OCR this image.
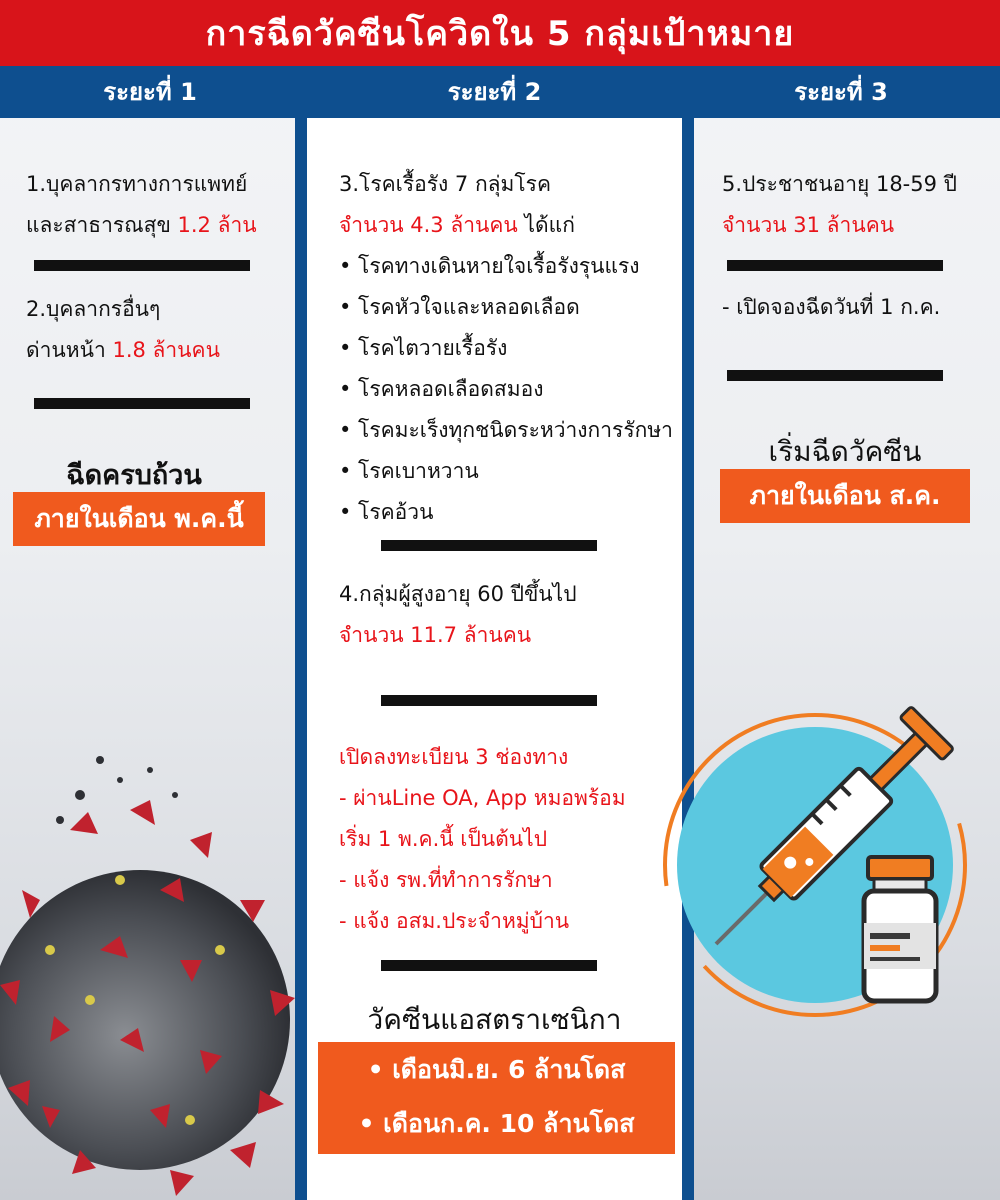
การฉีดวัคซีนโควิดใน 5 กลุ่มเป้าหมาย
ระยะที่ 1	ระยะที่ 2	ระยะที่ 3
1.บุคลากรทางการแพทย์
และสาธารณสุข 1.2 ล้าน
2.บุคลากรอื่นๆ
ด่านหน้า 1.8 ล้านคน
ฉีดครบถ้วน
ภายในเดือน พ.ค.นี้
3.โรคเรื้อรัง 7 กลุ่มโรค
จำนวน 4.3 ล้านคน ได้แก่
• โรคทางเดินหายใจเรื้อรังรุนแรง
• โรคหัวใจและหลอดเลือด
• โรคไตวายเรื้อรัง
• โรคหลอดเลือดสมอง
• โรคมะเร็งทุกชนิดระหว่างการรักษา
• โรคเบาหวาน
• โรคอ้วน
4.กลุ่มผู้สูงอายุ 60 ปีขึ้นไป
จำนวน 11.7 ล้านคน
เปิดลงทะเบียน 3 ช่องทาง
- ผ่านLine OA, App หมอพร้อม
เริ่ม 1 พ.ค.นี้ เป็นต้นไป
- แจ้ง รพ.ที่ทำการรักษา
- แจ้ง อสม.ประจำหมู่บ้าน
วัคซีนแอสตราเซนิกา
• เดือนมิ.ย. 6 ล้านโดส
• เดือนก.ค. 10 ล้านโดส
5.ประชาชนอายุ 18-59 ปี
จำนวน 31 ล้านคน
- เปิดจองฉีดวันที่ 1 ก.ค.
เริ่มฉีดวัคซีน
ภายในเดือน ส.ค.
